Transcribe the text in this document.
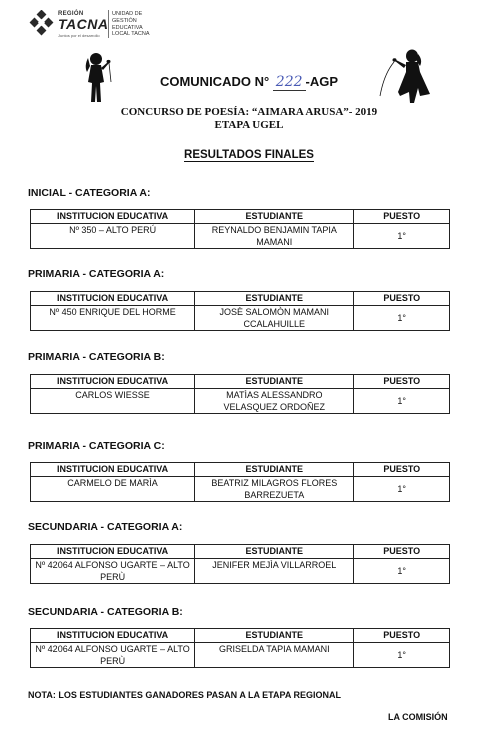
REGIÓN
TACNA
Juntos por el desarrollo
UNIDAD DE
GESTIÓN
EDUCATIVA
LOCAL TACNA
COMUNICADO N° 222 -AGP
CONCURSO DE POESÍA: “AIMARA ARUSA”- 2019
ETAPA UGEL
RESULTADOS FINALES
INICIAL - CATEGORIA A:
INSTITUCION EDUCATIVA	ESTUDIANTE	PUESTO
Nº 350 – ALTO PERÚ	REYNALDO BENJAMIN TAPIA MAMANI	1°
PRIMARIA - CATEGORIA A:
INSTITUCION EDUCATIVA	ESTUDIANTE	PUESTO
Nº 450 ENRIQUE DEL HORME	JOSÈ SALOMÒN MAMANI CCALAHUILLE	1°
PRIMARIA - CATEGORIA B:
INSTITUCION EDUCATIVA	ESTUDIANTE	PUESTO
CARLOS WIESSE	MATÌAS ALESSANDRO VELASQUEZ ORDOÑEZ	1°
PRIMARIA - CATEGORIA C:
INSTITUCION EDUCATIVA	ESTUDIANTE	PUESTO
CARMELO DE MARÌA	BEATRIZ MILAGROS FLORES BARREZUETA	1°
SECUNDARIA - CATEGORIA A:
INSTITUCION EDUCATIVA	ESTUDIANTE	PUESTO
Nº 42064 ALFONSO UGARTE – ALTO PERÙ	JENIFER MEJÌA VILLARROEL	1°
SECUNDARIA - CATEGORIA B:
INSTITUCION EDUCATIVA	ESTUDIANTE	PUESTO
Nº 42064 ALFONSO UGARTE – ALTO PERÙ	GRISELDA TAPIA MAMANI	1°
NOTA: LOS ESTUDIANTES GANADORES PASAN A LA ETAPA REGIONAL
LA COMISIÓN
